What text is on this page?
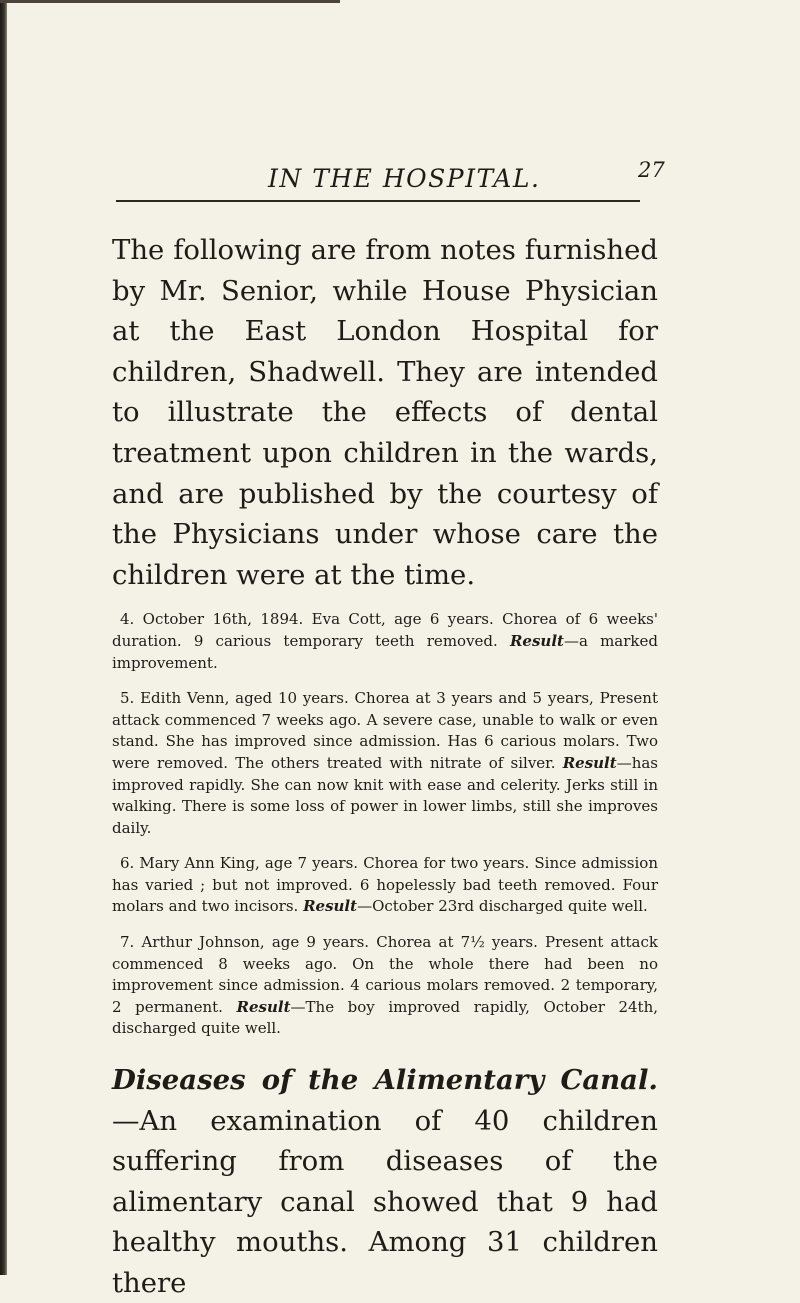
IN THE HOSPITAL.	27

The following are from notes furnished by Mr. Senior, while House Physician at the East London Hospital for children, Shadwell. They are intended to illustrate the effects of dental treatment upon children in the wards, and are published by the courtesy of the Physicians under whose care the children were at the time.

4. October 16th, 1894. Eva Cott, age 6 years. Chorea of 6 weeks' duration. 9 carious temporary teeth removed. Result—a marked improvement.

5. Edith Venn, aged 10 years. Chorea at 3 years and 5 years, Present attack commenced 7 weeks ago. A severe case, unable to walk or even stand. She has improved since admission. Has 6 carious molars. Two were removed. The others treated with nitrate of silver. Result—has improved rapidly. She can now knit with ease and celerity. Jerks still in walking. There is some loss of power in lower limbs, still she improves daily.

6. Mary Ann King, age 7 years. Chorea for two years. Since admission has varied ; but not improved. 6 hopelessly bad teeth removed. Four molars and two incisors. Result—October 23rd discharged quite well.

7. Arthur Johnson, age 9 years. Chorea at 7½ years. Present attack commenced 8 weeks ago. On the whole there had been no improvement since admission. 4 carious molars removed. 2 temporary, 2 permanent. Result—The boy improved rapidly, October 24th, discharged quite well.

Diseases of the Alimentary Canal.—An examination of 40 children suffering from diseases of the alimentary canal showed that 9 had healthy mouths. Among 31 children there
